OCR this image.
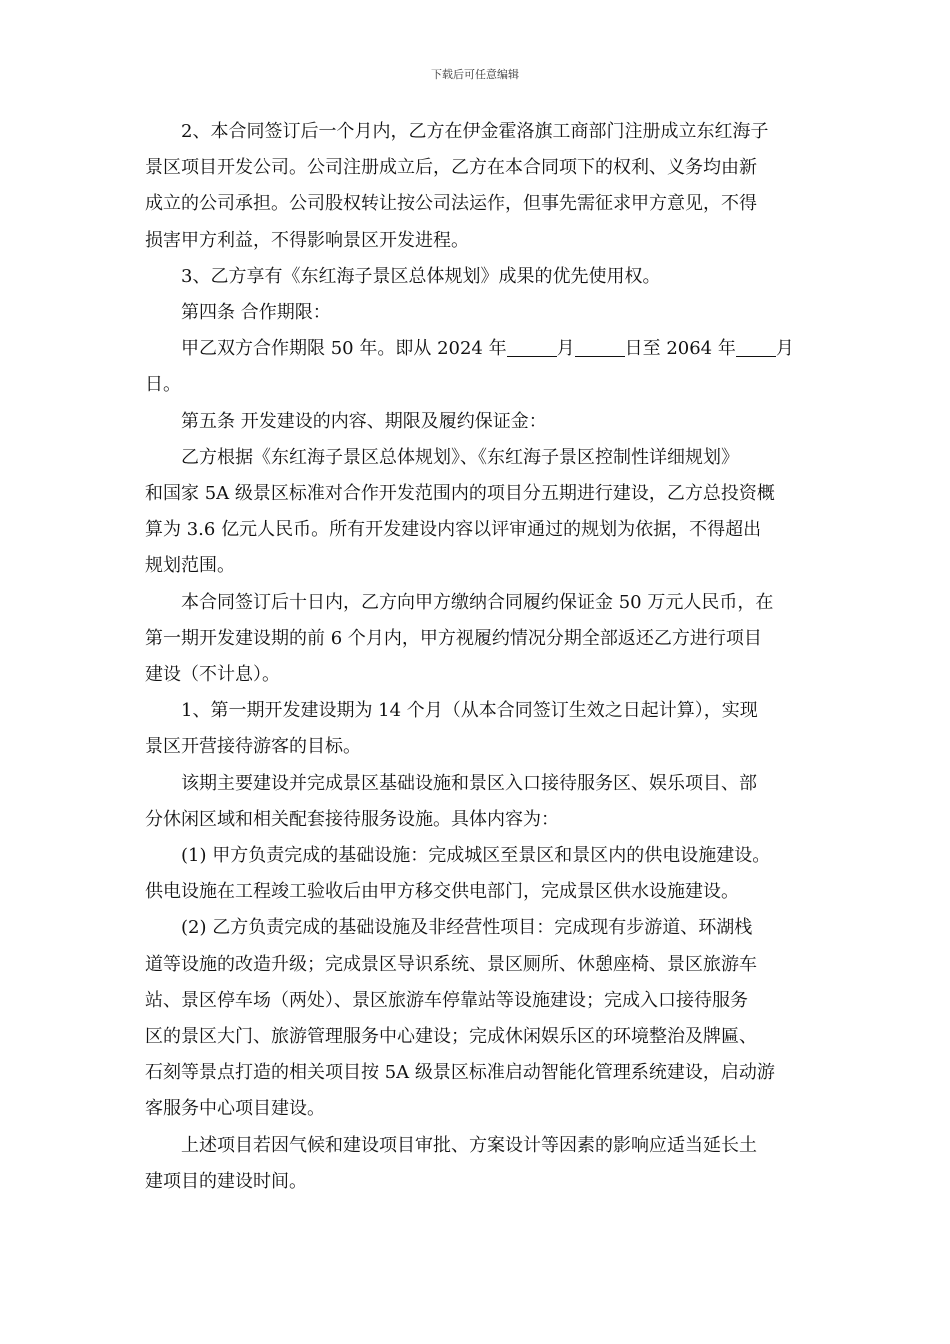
下载后可任意编辑
2、本合同签订后一个月内，乙方在伊金霍洛旗工商部门注册成立东红海子
景区项目开发公司。公司注册成立后，乙方在本合同项下的权利、义务均由新
成立的公司承担。公司股权转让按公司法运作，但事先需征求甲方意见，不得
损害甲方利益，不得影响景区开发进程。
3、乙方享有《东红海子景区总体规划》成果的优先使用权。
第四条 合作期限：
甲乙双方合作期限 50 年。即从 2024 年	月	日至 2064 年 月
日。
第五条 开发建设的内容、期限及履约保证金：
乙方根据《东红海子景区总体规划》、《东红海子景区控制性详细规划》
和国家 5A 级景区标准对合作开发范围内的项目分五期进行建设，乙方总投资概
算为 3.6 亿元人民币。所有开发建设内容以评审通过的规划为依据，不得超出
规划范围。
本合同签订后十日内，乙方向甲方缴纳合同履约保证金 50 万元人民币，在
第一期开发建设期的前 6 个月内，甲方视履约情况分期全部返还乙方进行项目
建设（不计息）。
1、第一期开发建设期为 14 个月（从本合同签订生效之日起计算），实现
景区开营接待游客的目标。
该期主要建设并完成景区基础设施和景区入口接待服务区、娱乐项目、部
分休闲区域和相关配套接待服务设施。具体内容为：
(1) 甲方负责完成的基础设施：完成城区至景区和景区内的供电设施建设。
供电设施在工程竣工验收后由甲方移交供电部门，完成景区供水设施建设。
(2) 乙方负责完成的基础设施及非经营性项目：完成现有步游道、环湖栈
道等设施的改造升级；完成景区导识系统、景区厕所、休憩座椅、景区旅游车
站、景区停车场（两处）、景区旅游车停靠站等设施建设；完成入口接待服务
区的景区大门、旅游管理服务中心建设；完成休闲娱乐区的环境整治及牌匾、
石刻等景点打造的相关项目按 5A 级景区标准启动智能化管理系统建设，启动游
客服务中心项目建设。
上述项目若因气候和建设项目审批、方案设计等因素的影响应适当延长土
建项目的建设时间。
